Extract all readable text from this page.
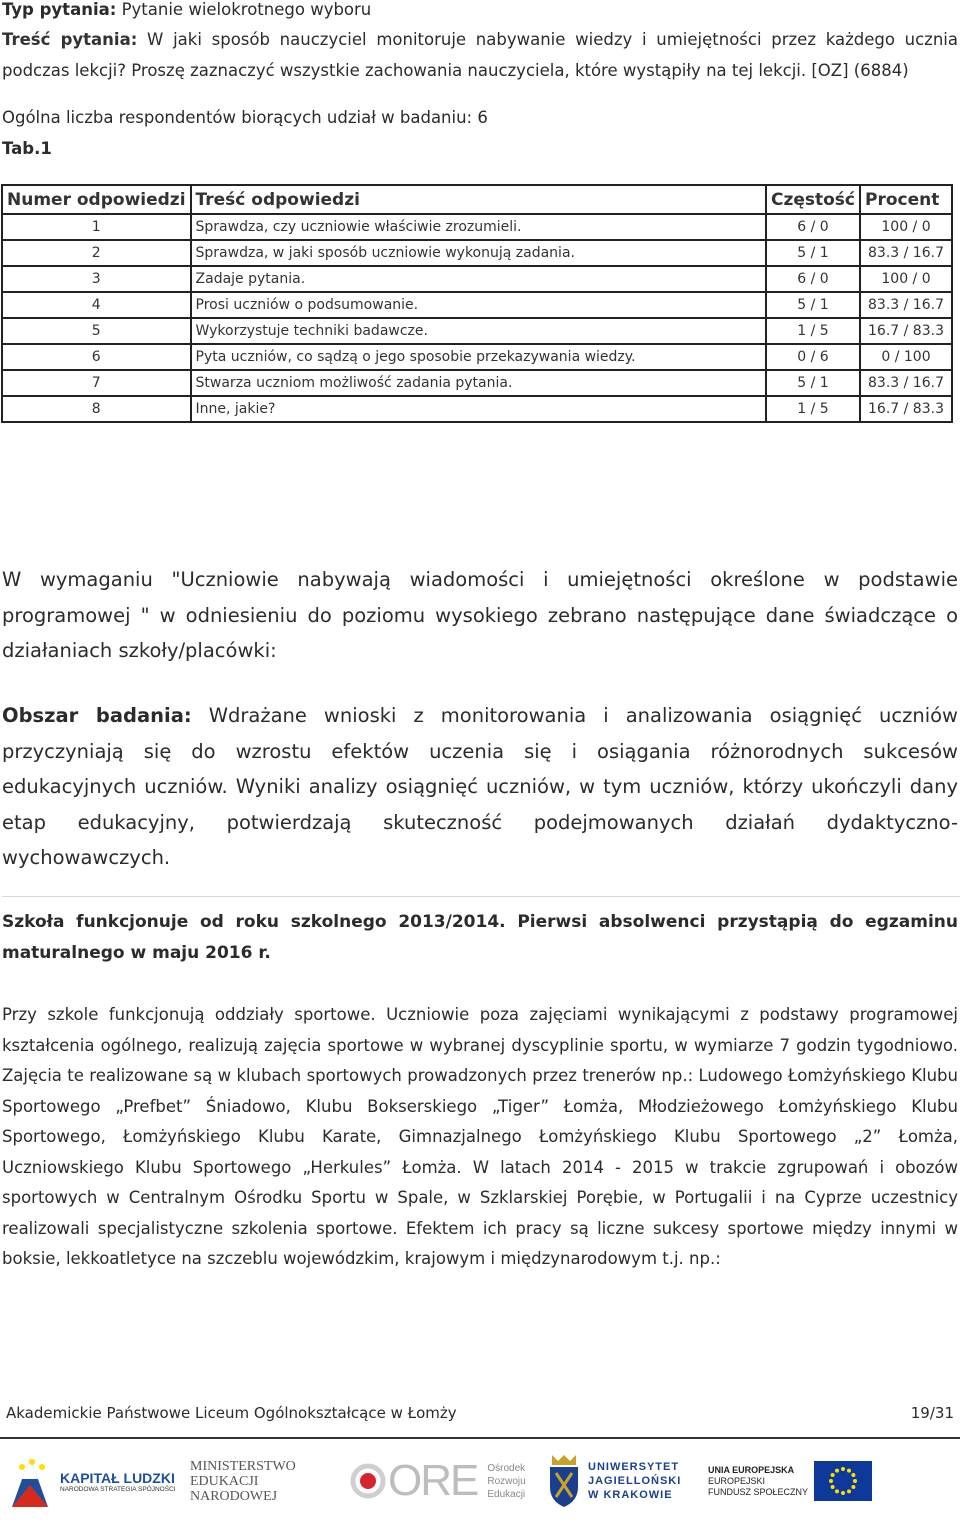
Typ pytania: Pytanie wielokrotnego wyboru
Treść pytania: W jaki sposób nauczyciel monitoruje nabywanie wiedzy i umiejętności przez każdego ucznia podczas lekcji? Proszę zaznaczyć wszystkie zachowania nauczyciela, które wystąpiły na tej lekcji. [OZ] (6884)
Ogólna liczba respondentów biorących udział w badaniu: 6
Tab.1
Numer odpowiedzi	Treść odpowiedzi	Częstość	Procent
1	Sprawdza, czy uczniowie właściwie zrozumieli.	6 / 0	100 / 0
2	Sprawdza, w jaki sposób uczniowie wykonują zadania.	5 / 1	83.3 / 16.7
3	Zadaje pytania.	6 / 0	100 / 0
4	Prosi uczniów o podsumowanie.	5 / 1	83.3 / 16.7
5	Wykorzystuje techniki badawcze.	1 / 5	16.7 / 83.3
6	Pyta uczniów, co sądzą o jego sposobie przekazywania wiedzy.	0 / 6	0 / 100
7	Stwarza uczniom możliwość zadania pytania.	5 / 1	83.3 / 16.7
8	Inne, jakie?	1 / 5	16.7 / 83.3
W wymaganiu "Uczniowie nabywają wiadomości i umiejętności określone w podstawie programowej " w odniesieniu do poziomu wysokiego zebrano następujące dane świadczące o działaniach szkoły/placówki:
Obszar badania: Wdrażane wnioski z monitorowania i analizowania osiągnięć uczniów przyczyniają się do wzrostu efektów uczenia się i osiągania różnorodnych sukcesów edukacyjnych uczniów. Wyniki analizy osiągnięć uczniów, w tym uczniów, którzy ukończyli dany etap edukacyjny, potwierdzają skuteczność podejmowanych działań dydaktyczno-wychowawczych.
Szkoła funkcjonuje od roku szkolnego 2013/2014. Pierwsi absolwenci przystąpią do egzaminu maturalnego w maju 2016 r.
Przy szkole funkcjonują oddziały sportowe. Uczniowie poza zajęciami wynikającymi z podstawy programowej kształcenia ogólnego, realizują zajęcia sportowe w wybranej dyscyplinie sportu, w wymiarze 7 godzin tygodniowo. Zajęcia te realizowane są w klubach sportowych prowadzonych przez trenerów np.: Ludowego Łomżyńskiego Klubu Sportowego „Prefbet” Śniadowo, Klubu Bokserskiego „Tiger” Łomża, Młodzieżowego Łomżyńskiego Klubu Sportowego, Łomżyńskiego Klubu Karate, Gimnazjalnego Łomżyńskiego Klubu Sportowego „2” Łomża, Uczniowskiego Klubu Sportowego „Herkules” Łomża. W latach 2014 - 2015 w trakcie zgrupowań i obozów sportowych w Centralnym Ośrodku Sportu w Spale, w Szklarskiej Porębie, w Portugalii i na Cyprze uczestnicy realizowali specjalistyczne szkolenia sportowe. Efektem ich pracy są liczne sukcesy sportowe między innymi w boksie, lekkoatletyce na szczeblu wojewódzkim, krajowym i międzynarodowym t.j. np.:
Akademickie Państwowe Liceum Ogólnokształcące w Łomży	19/31
KAPITAŁ LUDZKI
NARODOWA STRATEGIA SPÓJNOŚCI
MINISTERSTWO
EDUKACJI
NARODOWEJ	ORE Ośrodek
Rozwoju
Edukacji
UNIWERSYTET
JAGIELLOŃSKI
W KRAKOWIE
UNIA EUROPEJSKA
EUROPEJSKI
FUNDUSZ SPOŁECZNY
